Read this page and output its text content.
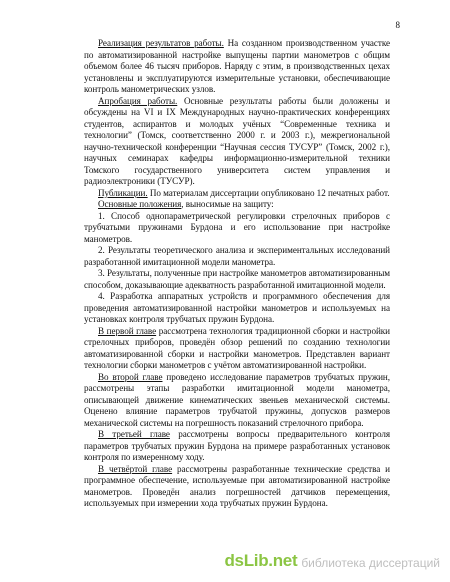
8

Реализация результатов работы. На созданном производственном участке по автоматизированной настройке выпущены партии манометров с общим объемом более 46 тысяч приборов. Наряду с этим, в производственных цехах установлены и эксплуатируются измерительные установки, обеспечивающие контроль манометрических узлов.

Апробация работы. Основные результаты работы были доложены и обсуждены на VI и IX Международных научно-практических конференциях студентов, аспирантов и молодых учёных “Современные техника и технологии” (Томск, соответственно 2000 г. и 2003 г.), межрегиональной научно-технической конференции “Научная сессия ТУСУР” (Томск, 2002 г.), научных семинарах кафедры информационно-измерительной техники Томского государственного университета систем управления и радиоэлектроники (ТУСУР).

Публикации. По материалам диссертации опубликовано 12 печатных работ.

Основные положения, выносимые на защиту:

1. Способ однопараметрической регулировки стрелочных приборов с трубчатыми пружинами Бурдона и его использование при настройке манометров.

2. Результаты теоретического анализа и экспериментальных исследований разработанной имитационной модели манометра.

3. Результаты, полученные при настройке манометров автоматизированным способом, доказывающие адекватность разработанной имитационной модели.

4. Разработка аппаратных устройств и программного обеспечения для проведения автоматизированной настройки манометров и используемых на установках контроля трубчатых пружин Бурдона.

В первой главе рассмотрена технология традиционной сборки и настройки стрелочных приборов, проведён обзор решений по созданию технологии автоматизированной сборки и настройки манометров. Представлен вариант технологии сборки манометров с учётом автоматизированной настройки.

Во второй главе проведено исследование параметров трубчатых пружин, рассмотрены этапы разработки имитационной модели манометра, описывающей движение кинематических звеньев механической системы. Оценено влияние параметров трубчатой пружины, допусков размеров механической системы на погрешность показаний стрелочного прибора.

В третьей главе рассмотрены вопросы предварительного контроля параметров трубчатых пружин Бурдона на примере разработанных установок контроля по измеренному ходу.

В четвёртой главе рассмотрены разработанные технические средства и программное обеспечение, используемые при автоматизированной настройке манометров. Проведён анализ погрешностей датчиков перемещения, используемых при измерении хода трубчатых пружин Бурдона.

dsLib.net библиотека диссертаций
